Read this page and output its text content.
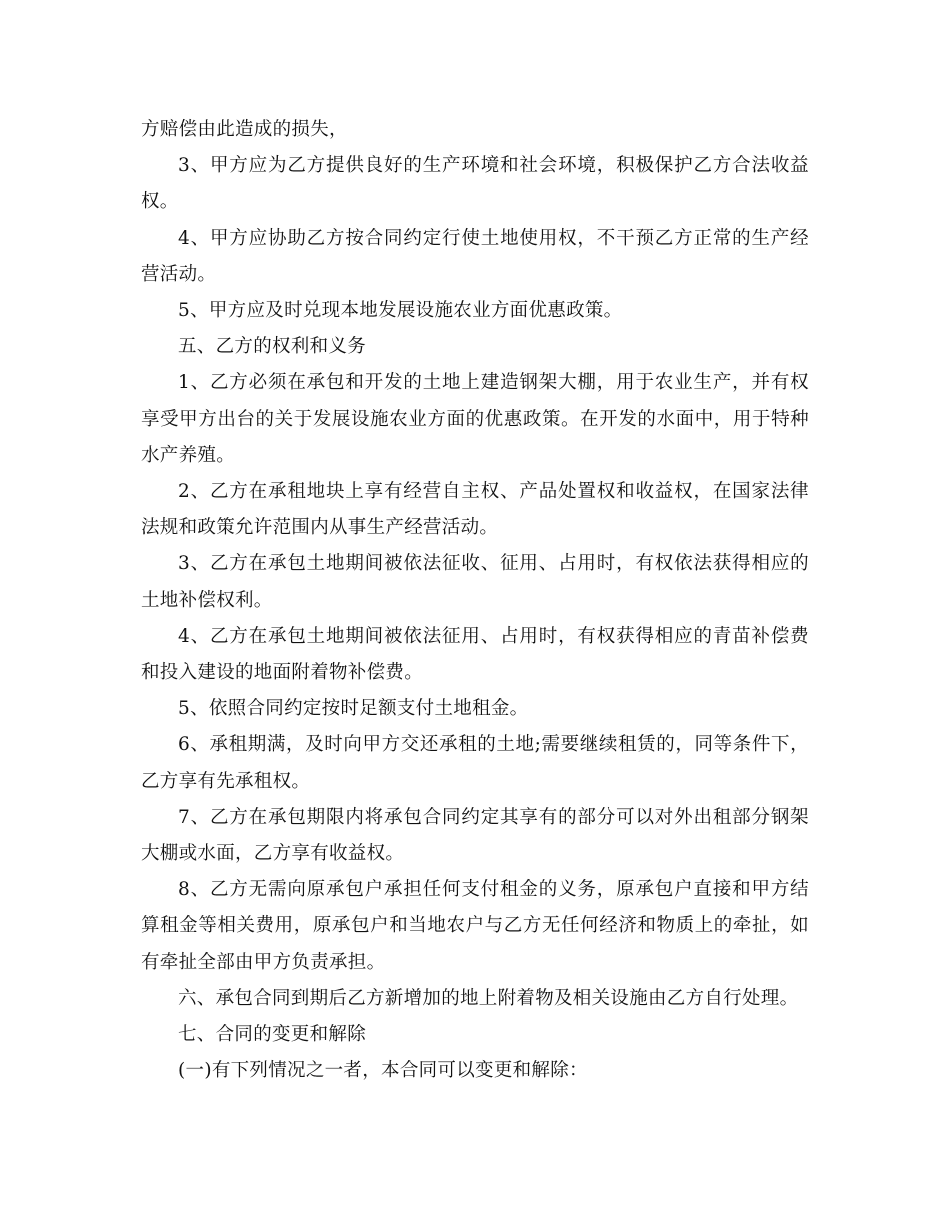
方赔偿由此造成的损失，

3、甲方应为乙方提供良好的生产环境和社会环境，积极保护乙方合法收益权。

4、甲方应协助乙方按合同约定行使土地使用权，不干预乙方正常的生产经营活动。

5、甲方应及时兑现本地发展设施农业方面优惠政策。

五、乙方的权利和义务

1、乙方必须在承包和开发的土地上建造钢架大棚，用于农业生产，并有权享受甲方出台的关于发展设施农业方面的优惠政策。在开发的水面中，用于特种水产养殖。

2、乙方在承租地块上享有经营自主权、产品处置权和收益权，在国家法律法规和政策允许范围内从事生产经营活动。

3、乙方在承包土地期间被依法征收、征用、占用时，有权依法获得相应的土地补偿权利。

4、乙方在承包土地期间被依法征用、占用时，有权获得相应的青苗补偿费和投入建设的地面附着物补偿费。

5、依照合同约定按时足额支付土地租金。

6、承租期满，及时向甲方交还承租的土地;需要继续租赁的，同等条件下，乙方享有先承租权。

7、乙方在承包期限内将承包合同约定其享有的部分可以对外出租部分钢架大棚或水面，乙方享有收益权。

8、乙方无需向原承包户承担任何支付租金的义务，原承包户直接和甲方结算租金等相关费用，原承包户和当地农户与乙方无任何经济和物质上的牵扯，如有牵扯全部由甲方负责承担。

六、承包合同到期后乙方新增加的地上附着物及相关设施由乙方自行处理。

七、合同的变更和解除

(一)有下列情况之一者，本合同可以变更和解除：
